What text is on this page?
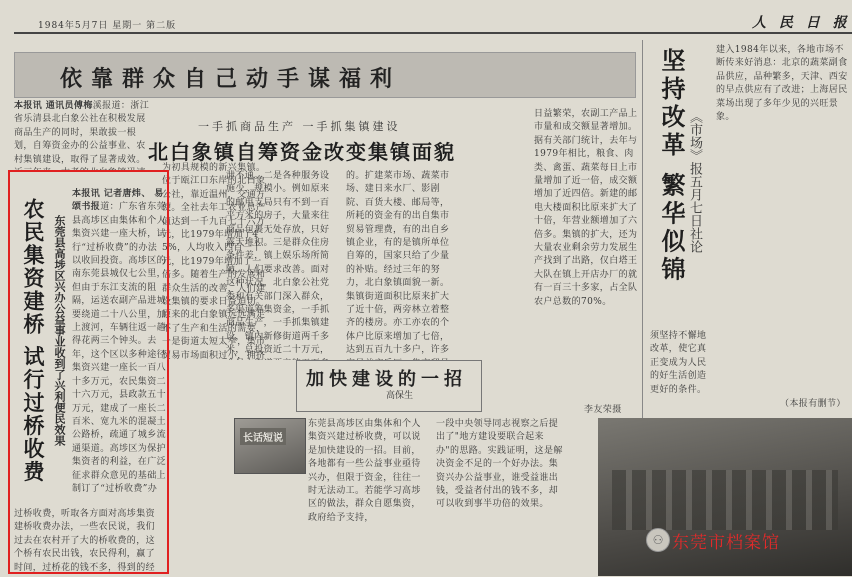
1984年5月7日 星期一 第二版	人 民 日 报
依靠群众自己动手谋福利
本报讯 通讯员傅梅溪报道：浙江省乐清县北白象公社在积极发展商品生产的同时，果敢拔一根划，自筹资金办的公益事业、农村集镇建设，取得了显著成效。
一手抓商品生产 一手抓集镇建设
北白象镇自筹资金改变集镇面貌
为初具规模的新兴集镇。位于瓯江口东岸的北白象公社，靠近温州，交通方便。全社去年工农业总产值达到一千九百七十六万元，比1979年增加了45%，人均收入四百一十元，比1979年增加了一倍多。随着生产的发展和群众生活的改善，人们建设集镇的要求日益迫切。原来的北白象镇远远满足不了生产和生活的需要，一是街道太短太窄，集市贸易市场面积过小，拥挤
泄不通。二是各种服务设施少，规模小。例如原来的邮电支局只有不到一百平方米的房子，大量来往商品包裹无处存放，只好露天堆积。三是群众住房条件差，镇上娱乐场所简陋，人们要求改善。面对这种状况，北白象公社党委和有关部门深入群众，多渠道筹集资金，一手抓商品生产，一手抓集镇建设，镇内新修街道两千多米，总投资近二十万元，
的。扩建菜市场、蔬菜市场、建日来水厂、影剧院、百货大楼、邮局等，所耗的资金有的出自集市贸易管理费，有的出自乡镇企业，有的是镇所单位自筹的，国家只给了少量的补贴。经过三年的努力，北白象镇面貌一新。集镇街道面积比原来扩大了近十倍，两旁林立着整齐的楼房。亦工亦农的个体户比原来增加了七倍，达到五百九十多户，许多
日益繁荣，农副工产品上市量和成交额显著增加。据有关部门统计，去年与1979年相比，粮食、肉类、禽蛋、蔬菜每日上市量增加了近一倍，成交额增加了近四倍。新建的邮电大楼面积比原来扩大了十倍，年营业额增加了六倍多。集镇的扩大，还为大量农业剩余劳力发展生产找到了出路，仅白塔王大队在镇上开店办厂的就有一百三十多家，占全队农户总数的70%。
农民集资建桥 试行过桥收费 东莞县高埗区兴办公益事业收到了兴利便民效果
本报讯 记者唐炜、 易颂书报道：广东省东莞县高埗区由集体和个人集资兴建一座大桥，试行“过桥收费”的办法以收回投资。高埗区的南东莞县城仅七公里，但由于东江支流的阻隔，运送农副产品进城要绕道二十八公里，加上渡河，车辆往返一趟得花两三个钟头。去年，这个区以多种途径集资兴建一座长一百八十多万元，农民集资二十六万元，县政款五十万元，建成了一座长二百米、宽九米的混凝土公路桥，疏通了城乡流通渠道。高埗区为保护集资者的利益，在广泛征求群众意见的基础上制订了“过桥收费”办
过桥收费，听取各方面对高埗集资建桥收费办法，一些农民说，我们过去在农村开了大的桥收费的，这个桥有农民出钱，农民得利，赢了时间，过桥花的钱不多，得到的经
加快建设的一招
高保生
东莞县高埗区由集体和个人集资兴建过桥收费，可以说是加快建设的一招。目前，各地都有一些公益事业亟待兴办，但限于资金，往往一时无法动工。若能学习高埗区的做法，群众自愿集资，政府给予支持，
一段中央领导同志视察之后提出了"地方建设要联合起来办"的思路。实践证明，这是解决资金不足的一个好办法。集资兴办公益事业，谁受益谁出钱，受益者付出的钱不多，却可以收到事半功倍的效果。
长话短说
坚持改革 繁华似锦 《市场》报五月七日社论
建入1984年以来，各地市场不断传来好消息：北京的蔬菜副食品供应，品种繁多，天津、西安的早点供应有了改进；上海居民菜场出现了多年少见的兴旺景象。
须坚持不懈地改革，使它真正变成为人民的好生活创造更好的条件。
（本报有删节）
李友荣摄
⚇ 东莞市档案馆
